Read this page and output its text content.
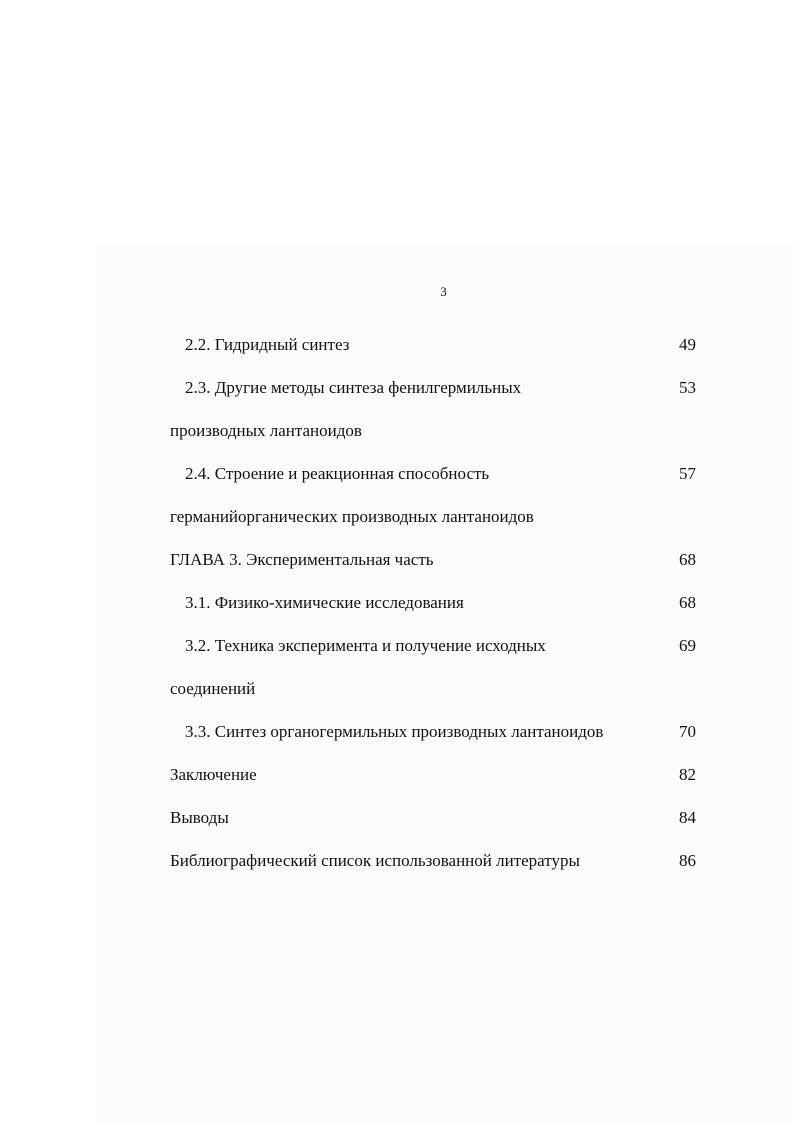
3
2.2. Гидридный синтез	49
2.3. Другие методы синтеза фенилгермильных	53
производных лантаноидов
2.4. Строение и реакционная способность	57
германийорганических производных лантаноидов
ГЛАВА 3. Экспериментальная часть	68
3.1. Физико-химические исследования	68
3.2. Техника эксперимента и получение исходных	69
соединений
3.3. Синтез органогермильных производных лантаноидов	70
Заключение	82
Выводы	84
Библиографический список использованной литературы	86
